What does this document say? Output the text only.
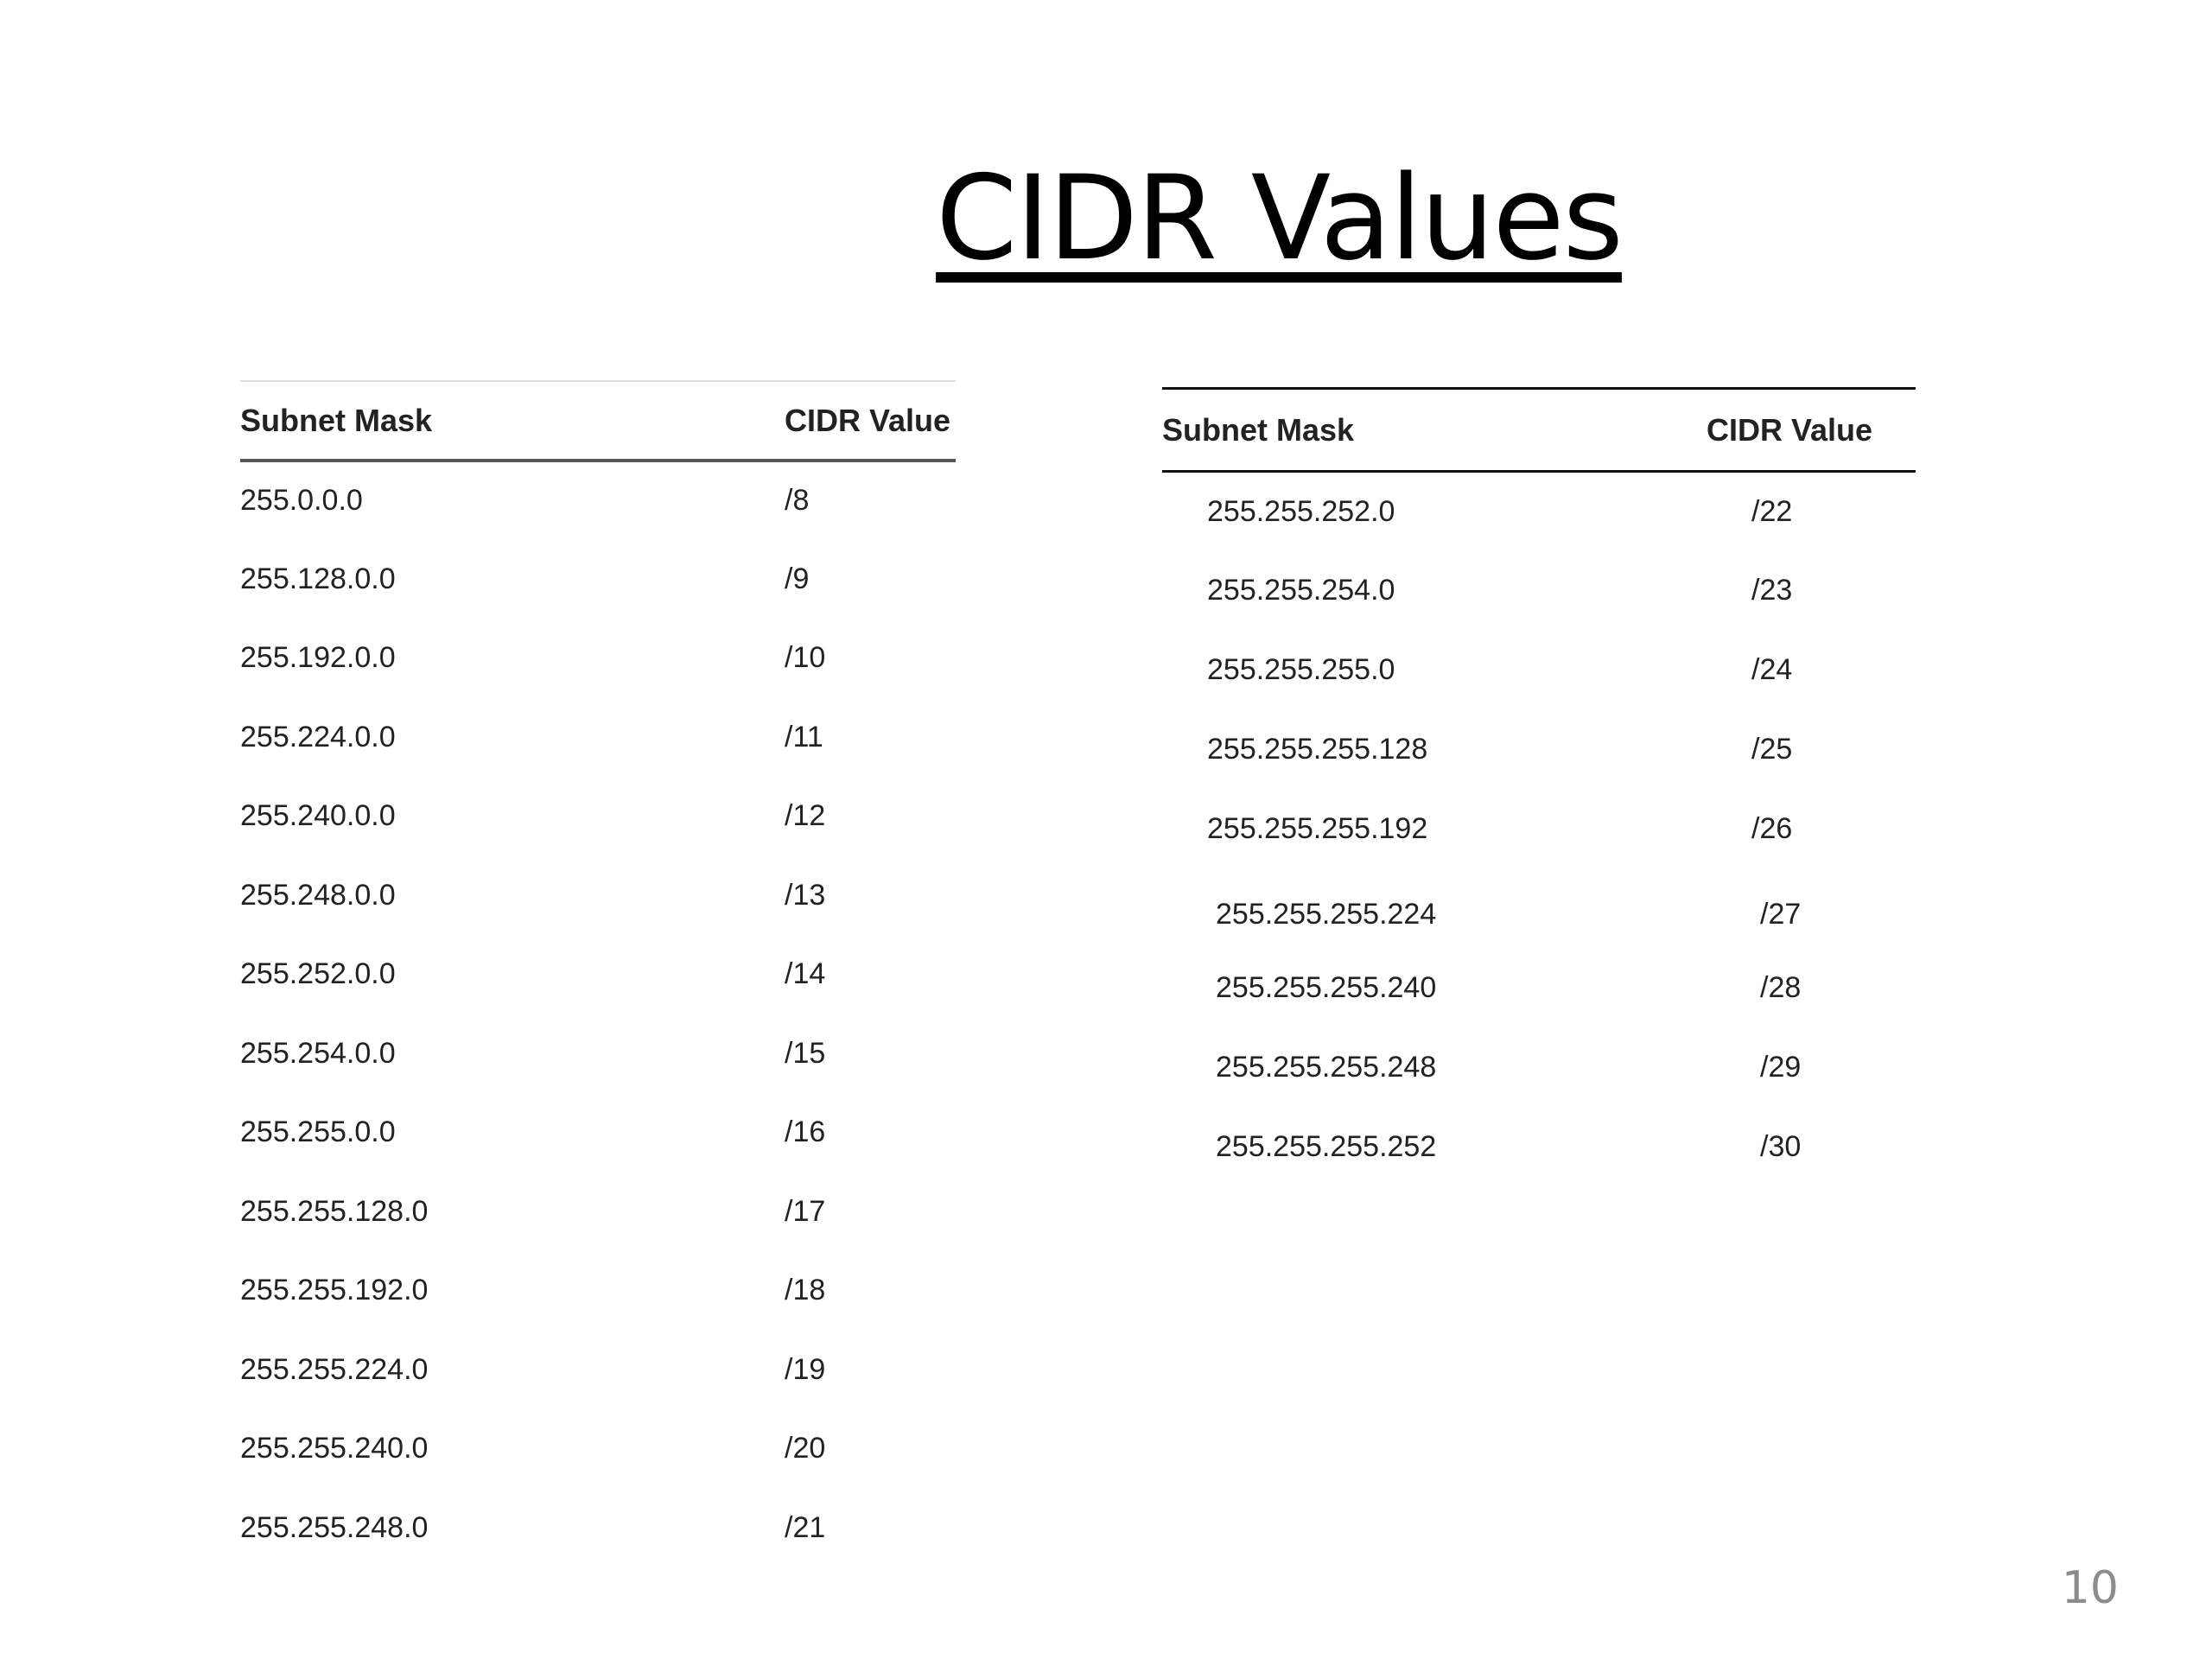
CIDR Values
Subnet Mask	CIDR Value
255.0.0.0	/8
255.128.0.0	/9
255.192.0.0	/10
255.224.0.0	/11
255.240.0.0	/12
255.248.0.0	/13
255.252.0.0	/14
255.254.0.0	/15
255.255.0.0	/16
255.255.128.0	/17
255.255.192.0	/18
255.255.224.0	/19
255.255.240.0	/20
255.255.248.0	/21
Subnet Mask	CIDR Value
255.255.252.0	/22
255.255.254.0	/23
255.255.255.0	/24
255.255.255.128	/25
255.255.255.192	/26
255.255.255.224	/27
255.255.255.240	/28
255.255.255.248	/29
255.255.255.252	/30
10
